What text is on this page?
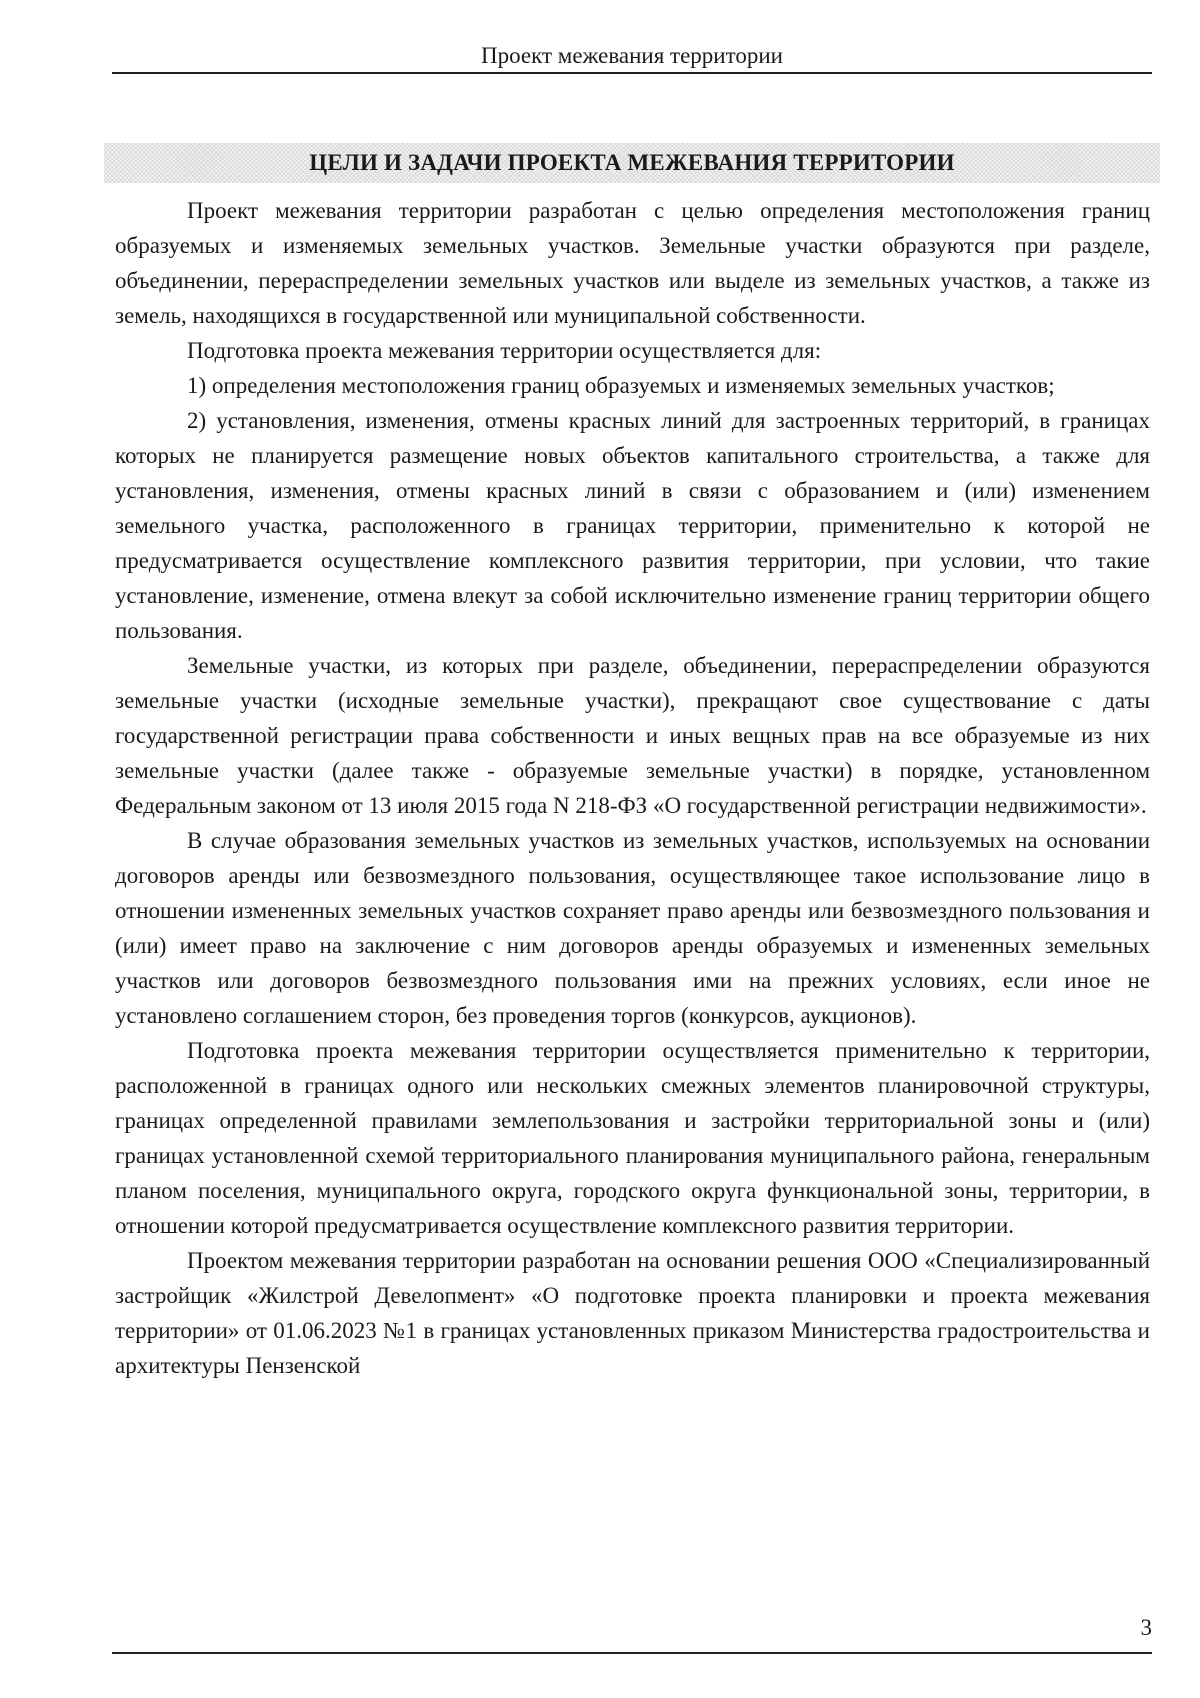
Проект межевания территории
ЦЕЛИ И ЗАДАЧИ ПРОЕКТА МЕЖЕВАНИЯ ТЕРРИТОРИИ

Проект межевания территории разработан с целью определения местоположения границ образуемых и изменяемых земельных участков. Земельные участки образуются при разделе, объединении, перераспределении земельных участков или выделе из земельных участков, а также из земель, находящихся в государственной или муниципальной собственности.

Подготовка проекта межевания территории осуществляется для:

1) определения местоположения границ образуемых и изменяемых земельных участков;

2) установления, изменения, отмены красных линий для застроенных территорий, в границах которых не планируется размещение новых объектов капитального строительства, а также для установления, изменения, отмены красных линий в связи с образованием и (или) изменением земельного участка, расположенного в границах территории, применительно к которой не предусматривается осуществление комплексного развития территории, при условии, что такие установление, изменение, отмена влекут за собой исключительно изменение границ территории общего пользования.

Земельные участки, из которых при разделе, объединении, перераспределении образуются земельные участки (исходные земельные участки), прекращают свое существование с даты государственной регистрации права собственности и иных вещных прав на все образуемые из них земельные участки (далее также - образуемые земельные участки) в порядке, установленном Федеральным законом от 13 июля 2015 года N 218-ФЗ «О государственной регистрации недвижимости».

В случае образования земельных участков из земельных участков, используемых на основании договоров аренды или безвозмездного пользования, осуществляющее такое использование лицо в отношении измененных земельных участков сохраняет право аренды или безвозмездного пользования и (или) имеет право на заключение с ним договоров аренды образуемых и измененных земельных участков или договоров безвозмездного пользования ими на прежних условиях, если иное не установлено соглашением сторон, без проведения торгов (конкурсов, аукционов).

Подготовка проекта межевания территории осуществляется применительно к территории, расположенной в границах одного или нескольких смежных элементов планировочной структуры, границах определенной правилами землепользования и застройки территориальной зоны и (или) границах установленной схемой территориального планирования муниципального района, генеральным планом поселения, муниципального округа, городского округа функциональной зоны, территории, в отношении которой предусматривается осуществление комплексного развития территории.

Проектом межевания территории разработан на основании решения ООО «Специализированный застройщик «Жилстрой Девелопмент» «О подготовке проекта планировки и проекта межевания территории» от 01.06.2023 №1 в границах установленных приказом Министерства градостроительства и архитектуры Пензенской

3
